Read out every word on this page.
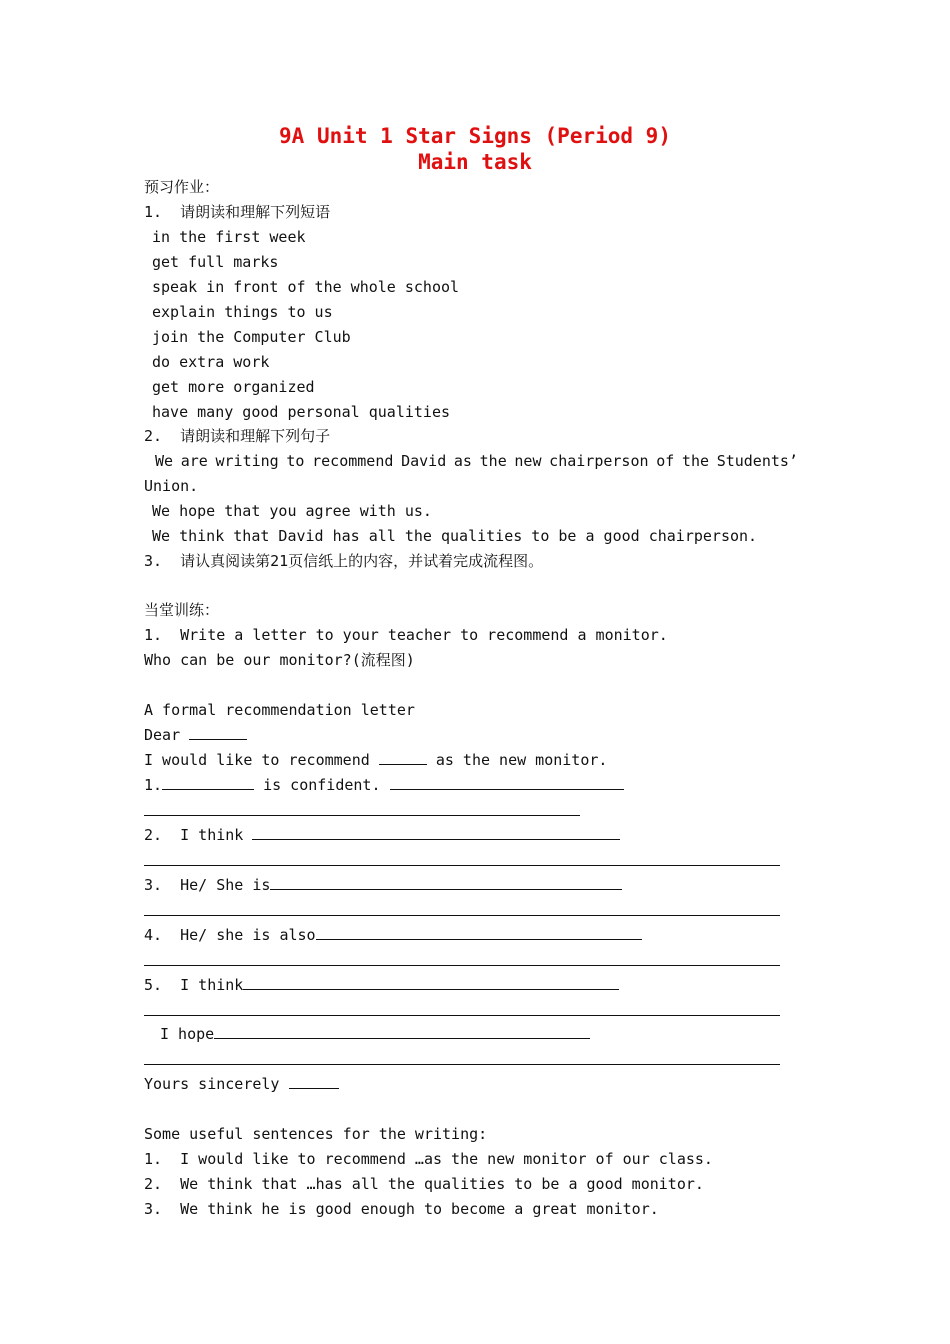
9A Unit 1 Star Signs (Period 9)
Main task
预习作业：
1.  请朗读和理解下列短语
in the first week
get full marks
speak in front of the whole school
explain things to us
join the Computer Club
do extra work
get more organized
have many good personal qualities
2.  请朗读和理解下列句子
We are writing to recommend David as the new chairperson of the Students’
Union.
We hope that you agree with us.
We think that David has all the qualities to be a good chairperson.
3.  请认真阅读第21页信纸上的内容，并试着完成流程图。
当堂训练：
1.  Write a letter to your teacher to recommend a monitor.
Who can be our monitor?(流程图)
A formal recommendation letter
Dear
I would like to recommend	as the new monitor.
1.	is confident.
2.  I think
3.  He/ She is
4.  He/ she is also
5.  I think
I hope
Yours sincerely
Some useful sentences for the writing:
1.  I would like to recommend …as the new monitor of our class.
2.  We think that …has all the qualities to be a good monitor.
3.  We think he is good enough to become a great monitor.
